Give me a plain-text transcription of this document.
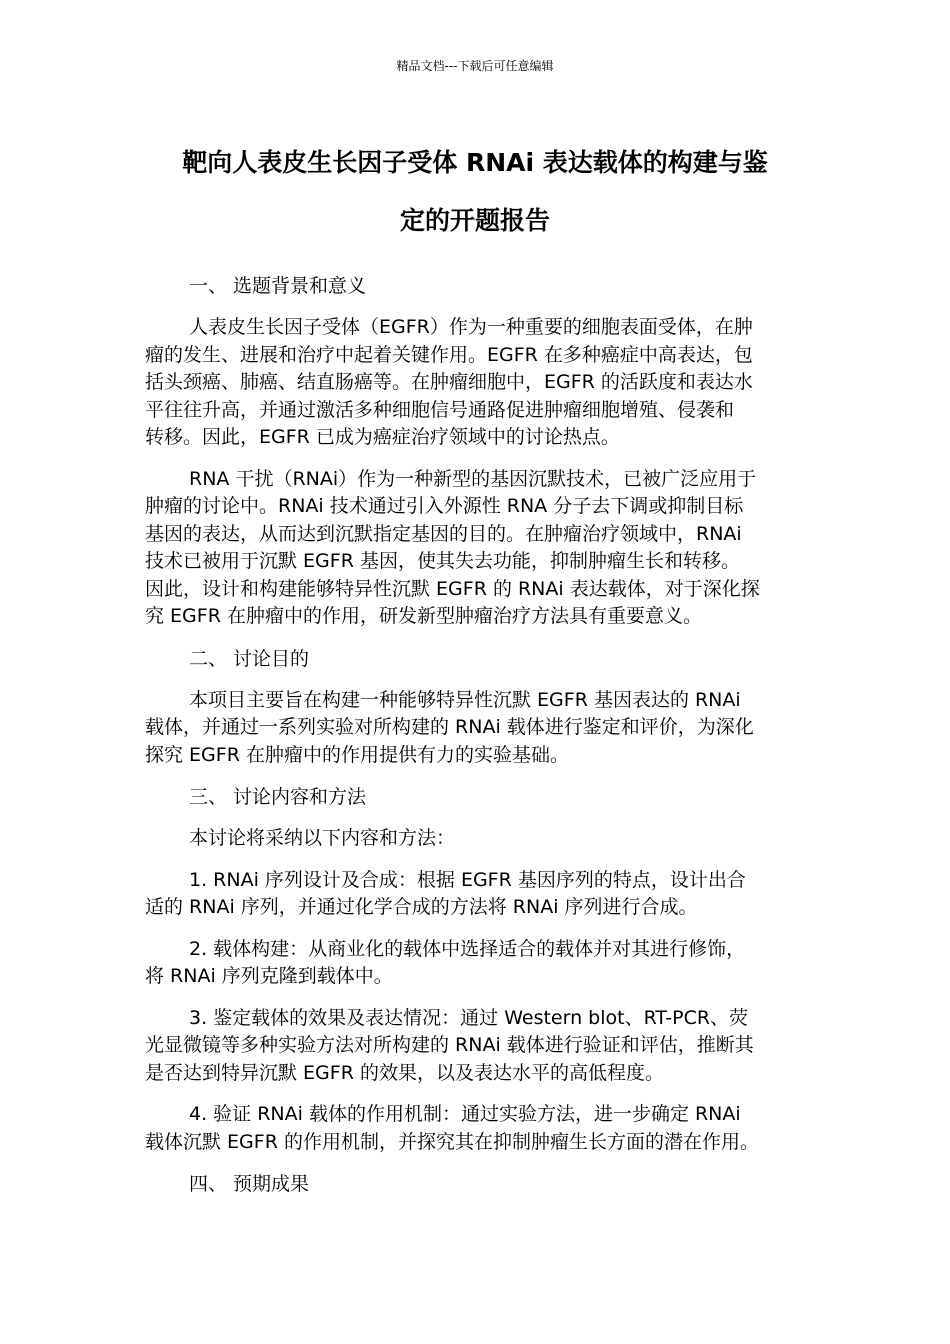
精品文档---下载后可任意编辑
靶向人表皮生长因子受体 RNAi 表达载体的构建与鉴
定的开题报告
一、 选题背景和意义

人表皮生长因子受体（EGFR）作为一种重要的细胞表面受体，在肿
瘤的发生、进展和治疗中起着关键作用。EGFR 在多种癌症中高表达，包
括头颈癌、肺癌、结直肠癌等。在肿瘤细胞中，EGFR 的活跃度和表达水
平往往升高，并通过激活多种细胞信号通路促进肿瘤细胞增殖、侵袭和
转移。因此，EGFR 已成为癌症治疗领域中的讨论热点。

RNA 干扰（RNAi）作为一种新型的基因沉默技术，已被广泛应用于
肿瘤的讨论中。RNAi 技术通过引入外源性 RNA 分子去下调或抑制目标
基因的表达，从而达到沉默指定基因的目的。在肿瘤治疗领域中，RNAi
技术已被用于沉默 EGFR 基因，使其失去功能，抑制肿瘤生长和转移。
因此，设计和构建能够特异性沉默 EGFR 的 RNAi 表达载体，对于深化探
究 EGFR 在肿瘤中的作用，研发新型肿瘤治疗方法具有重要意义。

二、 讨论目的

本项目主要旨在构建一种能够特异性沉默 EGFR 基因表达的 RNAi
载体，并通过一系列实验对所构建的 RNAi 载体进行鉴定和评价，为深化
探究 EGFR 在肿瘤中的作用提供有力的实验基础。

三、 讨论内容和方法

本讨论将采纳以下内容和方法：

1. RNAi 序列设计及合成：根据 EGFR 基因序列的特点，设计出合
适的 RNAi 序列，并通过化学合成的方法将 RNAi 序列进行合成。

2. 载体构建：从商业化的载体中选择适合的载体并对其进行修饰，
将 RNAi 序列克隆到载体中。

3. 鉴定载体的效果及表达情况：通过 Western blot、RT-PCR、荧
光显微镜等多种实验方法对所构建的 RNAi 载体进行验证和评估，推断其
是否达到特异沉默 EGFR 的效果，以及表达水平的高低程度。

4. 验证 RNAi 载体的作用机制：通过实验方法，进一步确定 RNAi
载体沉默 EGFR 的作用机制，并探究其在抑制肿瘤生长方面的潜在作用。

四、 预期成果
